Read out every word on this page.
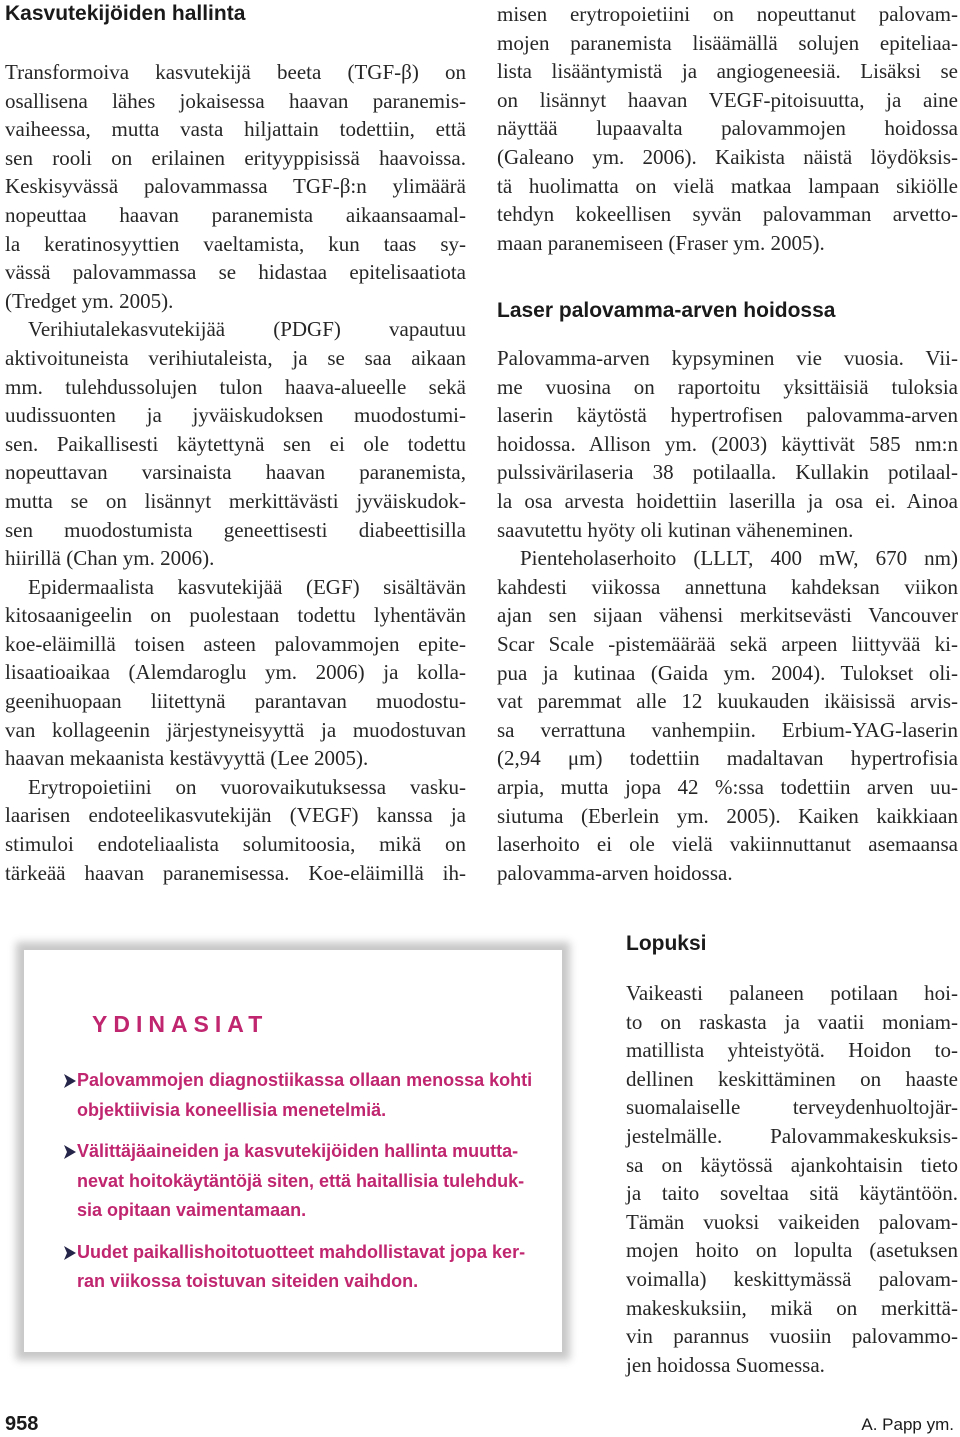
Kasvutekijöiden hallinta
Transformoiva kasvutekijä beeta (TGF-β) on
osallisena lähes jokaisessa haavan paranemis-
vaiheessa, mutta vasta hiljattain todettiin, että
sen rooli on erilainen erityyppisissä haavoissa.
Keskisyvässä palovammassa TGF-β:n ylimäärä
nopeuttaa haavan paranemista aikaansaamal-
la keratinosyyttien vaeltamista, kun taas sy-
vässä palovammassa se hidastaa epitelisaatiota
(Tredget ym. 2005).
Verihiutalekasvutekijää (PDGF) vapautuu
aktivoituneista verihiutaleista, ja se saa aikaan
mm. tulehdussolujen tulon haava-alueelle sekä
uudissuonten ja jyväiskudoksen muodostumi-
sen. Paikallisesti käytettynä sen ei ole todettu
nopeuttavan varsinaista haavan paranemista,
mutta se on lisännyt merkittävästi jyväiskudok-
sen muodostumista geneettisesti diabeettisilla
hiirillä (Chan ym. 2006).
Epidermaalista kasvutekijää (EGF) sisältävän
kitosaanigeelin on puolestaan todettu lyhentävän
koe-eläimillä toisen asteen palovammojen epite-
lisaatioaikaa (Alemdaroglu ym. 2006) ja kolla-
geenihuopaan liitettynä parantavan muodostu-
van kollageenin järjestyneisyyttä ja muodostuvan
haavan mekaanista kestävyyttä (Lee 2005).
Erytropoietiini on vuorovaikutuksessa vasku-
laarisen endoteelikasvutekijän (VEGF) kanssa ja
stimuloi endoteliaalista solumitoosia, mikä on
tärkeää haavan paranemisessa. Koe-eläimillä ih-
misen erytropoietiini on nopeuttanut palovam-
mojen paranemista lisäämällä solujen epiteliaa-
lista lisääntymistä ja angiogeneesiä. Lisäksi se
on lisännyt haavan VEGF-pitoisuutta, ja aine
näyttää lupaavalta palovammojen hoidossa
(Galeano ym. 2006). Kaikista näistä löydöksis-
tä huolimatta on vielä matkaa lampaan sikiölle
tehdyn kokeellisen syvän palovamman arvetto-
maan paranemiseen (Fraser ym. 2005).
Laser palovamma-arven hoidossa
Palovamma-arven kypsyminen vie vuosia. Vii-
me vuosina on raportoitu yksittäisiä tuloksia
laserin käytöstä hypertrofisen palovamma-arven
hoidossa. Allison ym. (2003) käyttivät 585 nm:n
pulssivärilaseria 38 potilaalla. Kullakin potilaal-
la osa arvesta hoidettiin laserilla ja osa ei. Ainoa
saavutettu hyöty oli kutinan väheneminen.
Pienteholaserhoito (LLLT, 400 mW, 670 nm)
kahdesti viikossa annettuna kahdeksan viikon
ajan sen sijaan vähensi merkitsevästi Vancouver
Scar Scale -pistemäärää sekä arpeen liittyvää ki-
pua ja kutinaa (Gaida ym. 2004). Tulokset oli-
vat paremmat alle 12 kuukauden ikäisissä arvis-
sa verrattuna vanhempiin. Erbium-YAG-laserin
(2,94 μm) todettiin madaltavan hypertrofisia
arpia, mutta jopa 42 %:ssa todettiin arven uu-
siutuma (Eberlein ym. 2005). Kaiken kaikkiaan
laserhoito ei ole vielä vakiinnuttanut asemaansa
palovamma-arven hoidossa.
YDINASIAT
Palovammojen diagnostiikassa ollaan menossa kohti
objektiivisia koneellisia menetelmiä.
Välittäjäaineiden ja kasvutekijöiden hallinta muutta-
nevat hoitokäytäntöjä siten, että haitallisia tulehduk-
sia opitaan vaimentamaan.
Uudet paikallishoitotuotteet mahdollistavat jopa ker-
ran viikossa toistuvan siteiden vaihdon.
Lopuksi
Vaikeasti palaneen potilaan hoi-
to on raskasta ja vaatii moniam-
matillista yhteistyötä. Hoidon to-
dellinen keskittäminen on haaste
suomalaiselle terveydenhuoltojär-
jestelmälle. Palovammakeskuksis-
sa on käytössä ajankohtaisin tieto
ja taito soveltaa sitä käytäntöön.
Tämän vuoksi vaikeiden palovam-
mojen hoito on lopulta (asetuksen
voimalla) keskittymässä palovam-
makeskuksiin, mikä on merkittä-
vin parannus vuosiin palovammo-
jen hoidossa Suomessa.
958	A. Papp ym.
